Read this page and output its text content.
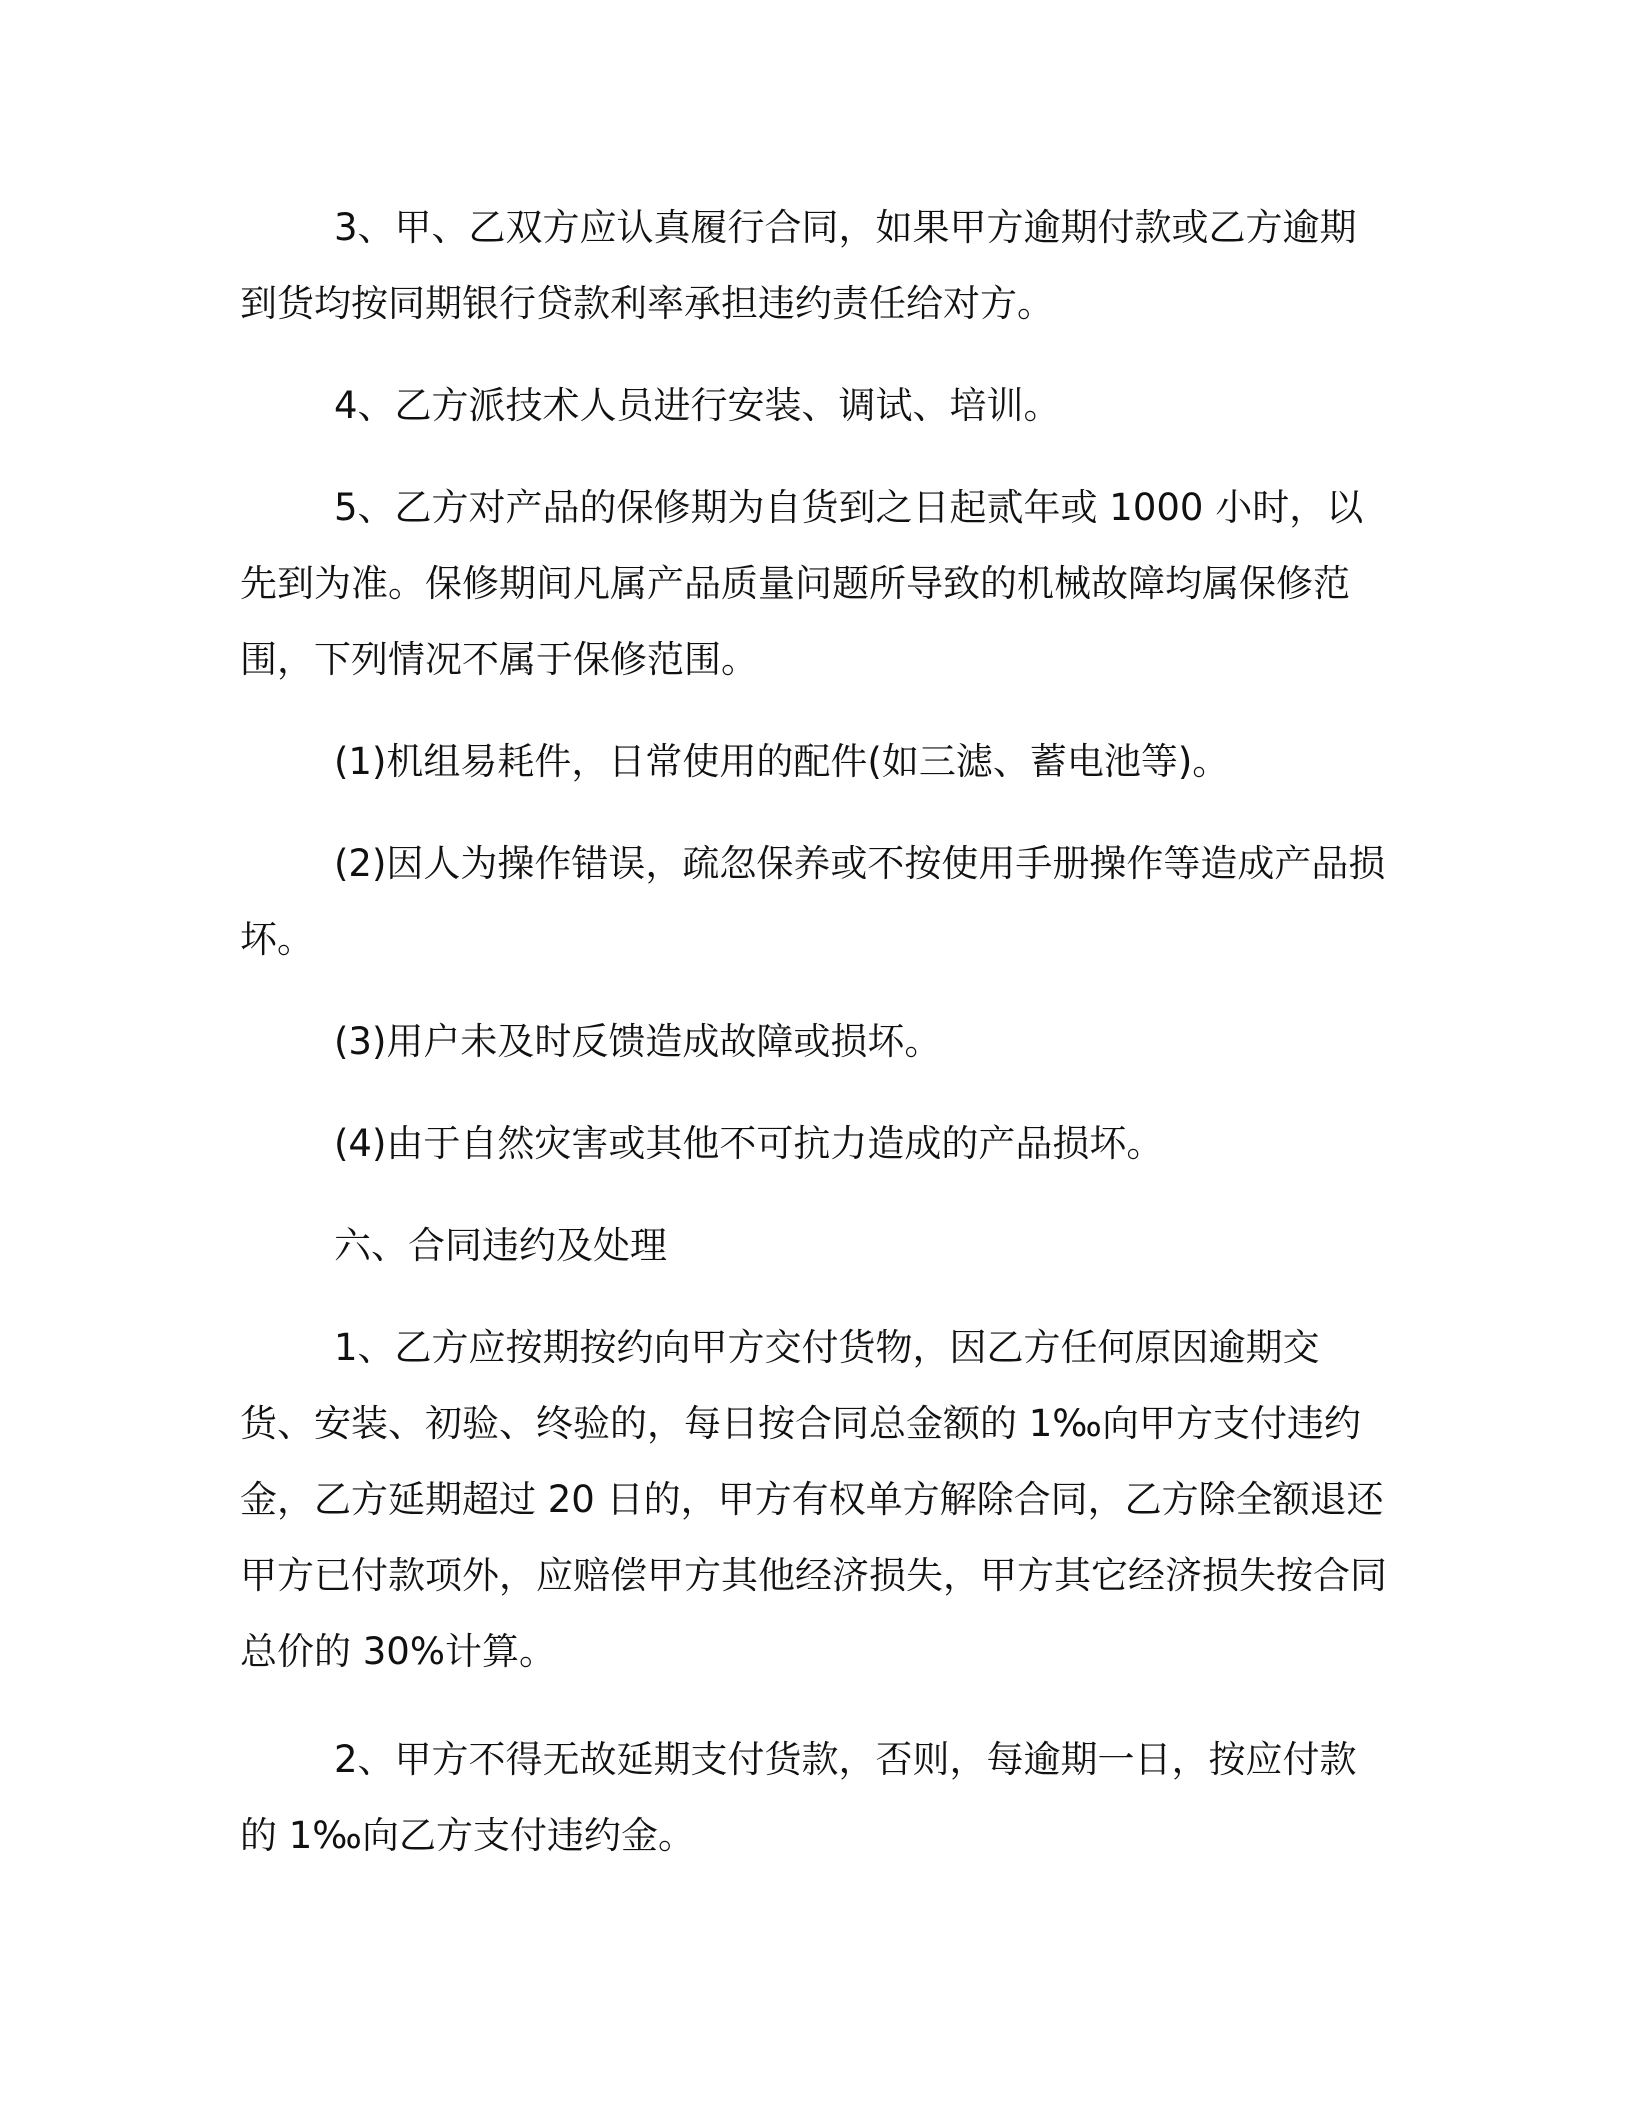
3、甲、乙双方应认真履行合同，如果甲方逾期付款或乙方逾期到货均按同期银行贷款利率承担违约责任给对方。

4、乙方派技术人员进行安装、调试、培训。

5、乙方对产品的保修期为自货到之日起贰年或 1000 小时，以先到为准。保修期间凡属产品质量问题所导致的机械故障均属保修范围，下列情况不属于保修范围。

(1)机组易耗件，日常使用的配件(如三滤、蓄电池等)。

(2)因人为操作错误，疏忽保养或不按使用手册操作等造成产品损坏。

(3)用户未及时反馈造成故障或损坏。

(4)由于自然灾害或其他不可抗力造成的产品损坏。

六、合同违约及处理

1、乙方应按期按约向甲方交付货物，因乙方任何原因逾期交货、安装、初验、终验的，每日按合同总金额的 1‰向甲方支付违约金，乙方延期超过 20 日的，甲方有权单方解除合同，乙方除全额退还甲方已付款项外，应赔偿甲方其他经济损失，甲方其它经济损失按合同总价的 30%计算。

2、甲方不得无故延期支付货款，否则，每逾期一日，按应付款的 1‰向乙方支付违约金。
